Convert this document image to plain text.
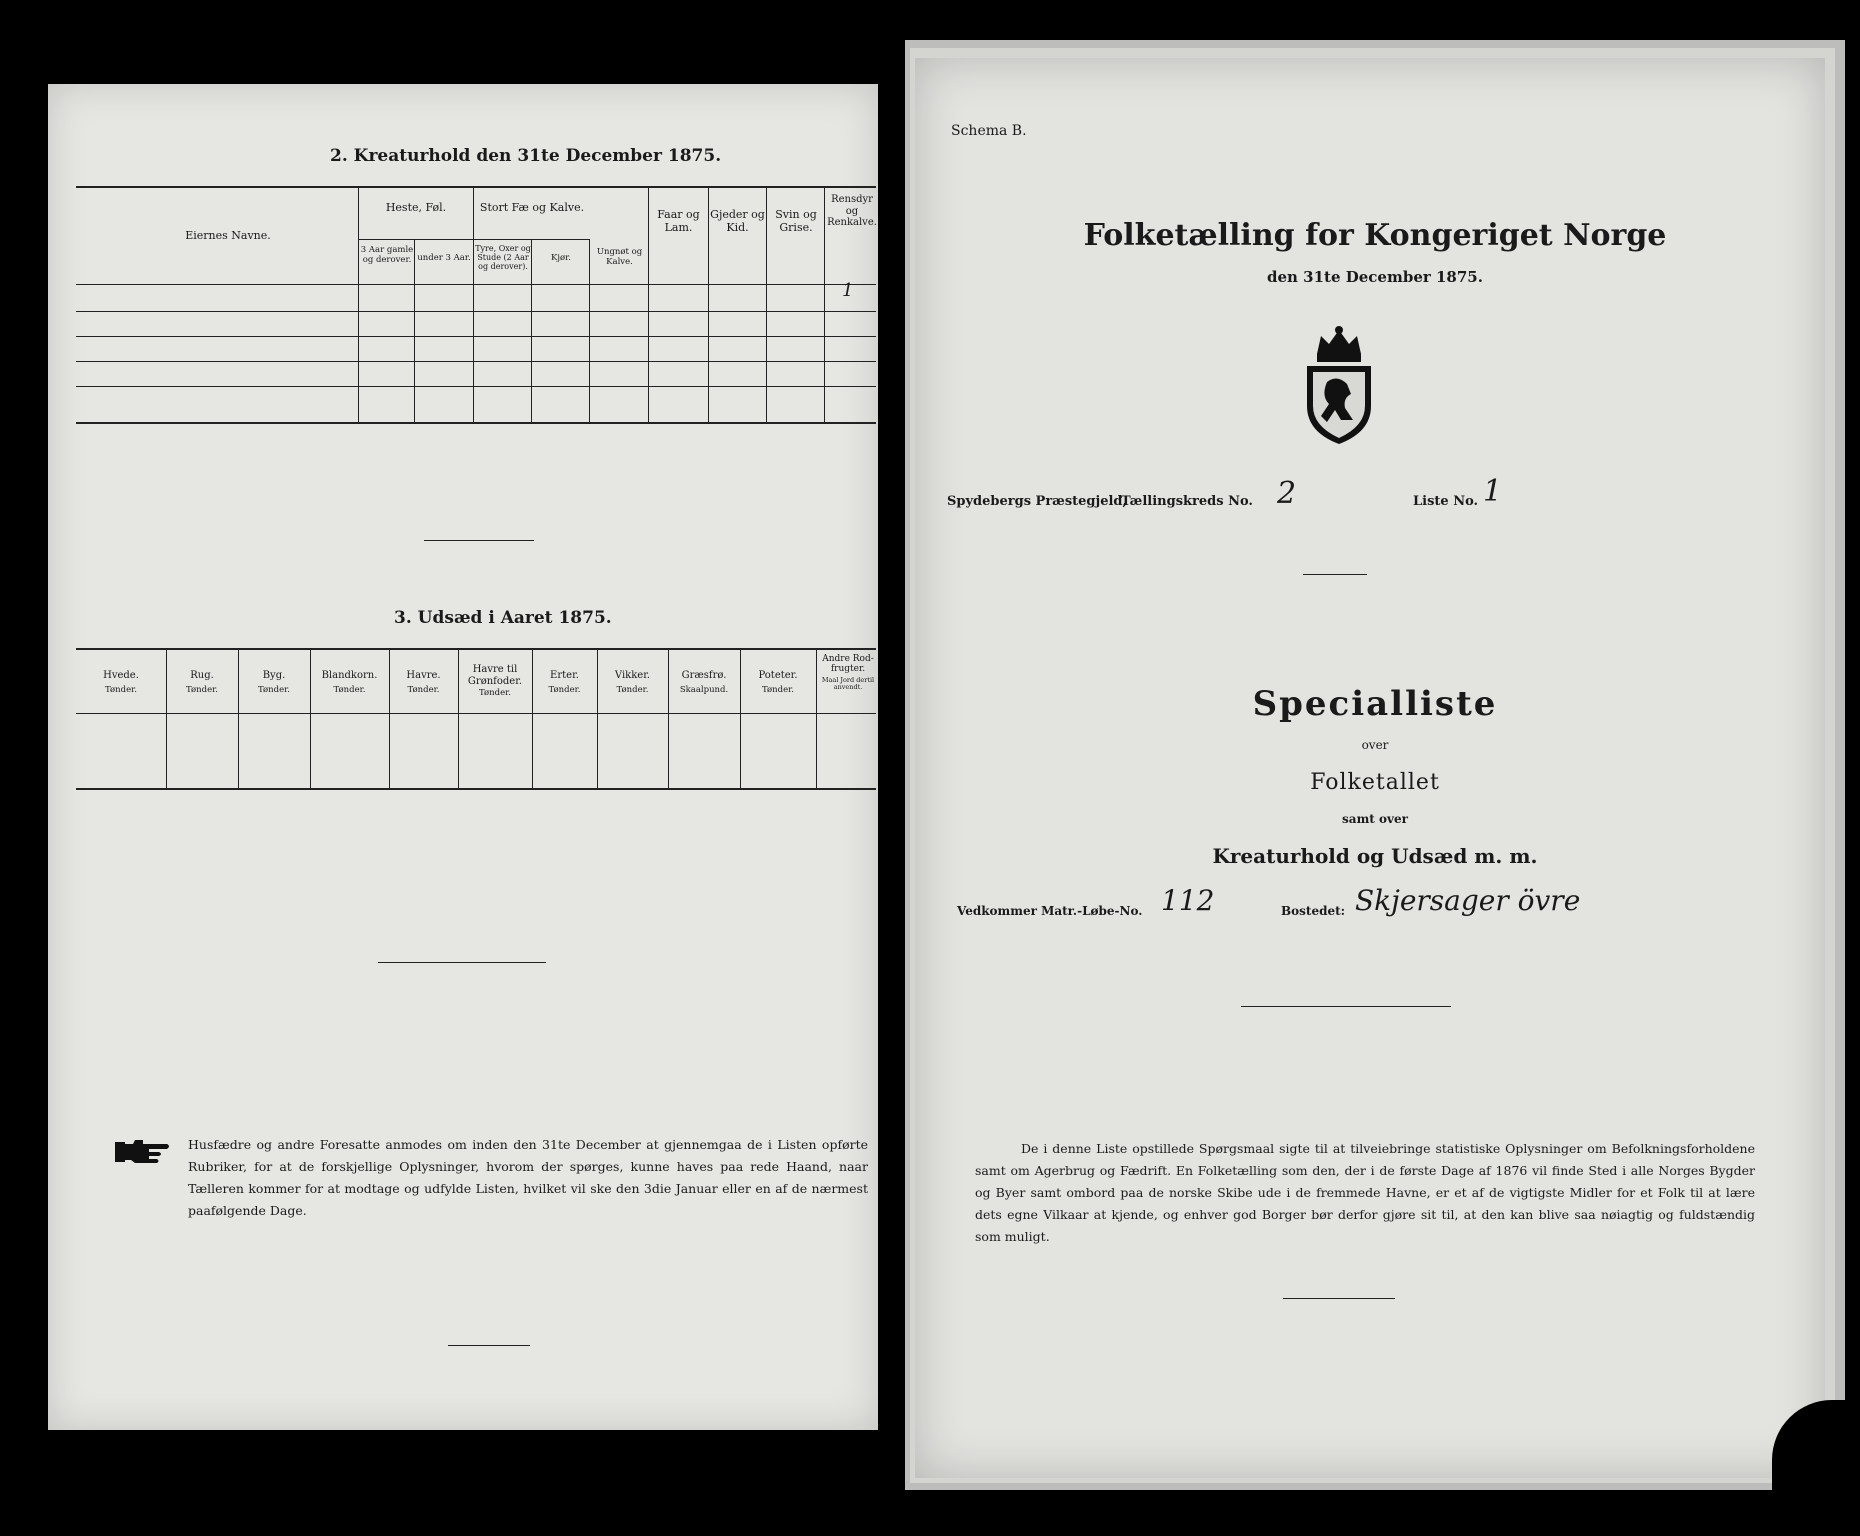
2. Kreaturhold den 31te December 1875.
Eiernes Navne.
Heste, Føl.
3 Aar gamle og derover. under 3 Aar.
Stort Fæ og Kalve.
Tyre, Oxer og Stude (2 Aar og derover).
Kjør.
Ungnøt og Kalve.
Faar og Lam.
Gjeder og Kid.
Svin og Grise.
Rensdyr og Renkalve.
1
3. Udsæd i Aaret 1875.
Hvede.
Tønder.
Rug.
Tønder.
Byg.
Tønder.
Blandkorn.
Tønder.
Havre.
Tønder.
Havre til Grønfoder.
Tønder.
Erter.
Tønder.
Vikker.
Tønder.
Græsfrø.
Skaalpund.
Poteter.
Tønder.
Andre Rod-frugter.
Maal Jord dertil anvendt.
Husfædre og andre Foresatte anmodes om inden den 31te December at gjennemgaa de i Listen opførte Rubriker, for at de forskjellige Oplysninger, hvorom der spørges, kunne haves paa rede Haand, naar Tælleren kommer for at modtage og udfylde Listen, hvilket vil ske den 3die Januar eller en af de nærmest paafølgende Dage.
Schema B.
Folketælling for Kongeriget Norge
den 31te December 1875.
Spydebergs Præstegjeld,
Tællingskreds No. 2	Liste No. 1
Specialliste
over
Folketallet
samt over
Kreaturhold og Udsæd m. m.
Vedkommer Matr.-Løbe-No. 112	Bostedet: Skjersager övre
De i denne Liste opstillede Spørgsmaal sigte til at tilveiebringe statistiske Oplysninger om Befolkningsforholdene samt om Agerbrug og Fædrift. En Folketælling som den, der i de første Dage af 1876 vil finde Sted i alle Norges Bygder og Byer samt ombord paa de norske Skibe ude i de fremmede Havne, er et af de vigtigste Midler for et Folk til at lære dets egne Vilkaar at kjende, og enhver god Borger bør derfor gjøre sit til, at den kan blive saa nøiagtig og fuldstændig som muligt.
